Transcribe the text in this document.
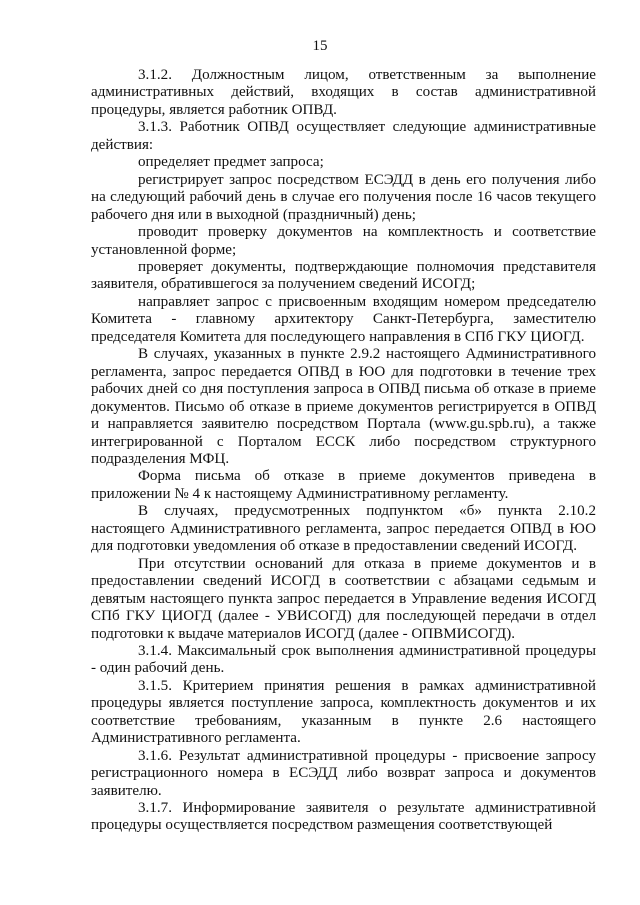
15

3.1.2. Должностным лицом, ответственным за выполнение административных действий, входящих в состав административной процедуры, является работник ОПВД.

3.1.3. Работник ОПВД осуществляет следующие административные действия:

определяет предмет запроса;

регистрирует запрос посредством ЕСЭДД в день его получения либо на следующий рабочий день в случае его получения после 16 часов текущего рабочего дня или в выходной (праздничный) день;

проводит проверку документов на комплектность и соответствие установленной форме;

проверяет документы, подтверждающие полномочия представителя заявителя, обратившегося за получением сведений ИСОГД;

направляет запрос с присвоенным входящим номером председателю Комитета - главному архитектору Санкт-Петербурга, заместителю председателя Комитета для последующего направления в СПб ГКУ ЦИОГД.

В случаях, указанных в пункте 2.9.2 настоящего Административного регламента, запрос передается ОПВД в ЮО для подготовки в течение трех рабочих дней со дня поступления запроса в ОПВД письма об отказе в приеме документов. Письмо об отказе в приеме документов регистрируется в ОПВД и направляется заявителю посредством Портала (www.gu.spb.ru), а также интегрированной с Порталом ЕССК либо посредством структурного подразделения МФЦ.

Форма письма об отказе в приеме документов приведена в приложении № 4 к настоящему Административному регламенту.

В случаях, предусмотренных подпунктом «б» пункта 2.10.2 настоящего Административного регламента, запрос передается ОПВД в ЮО для подготовки уведомления об отказе в предоставлении сведений ИСОГД.

При отсутствии оснований для отказа в приеме документов и в предоставлении сведений ИСОГД в соответствии с абзацами седьмым и девятым настоящего пункта запрос передается в Управление ведения ИСОГД СПб ГКУ ЦИОГД (далее - УВИСОГД) для последующей передачи в отдел подготовки к выдаче материалов ИСОГД (далее - ОПВМИСОГД).

3.1.4. Максимальный срок выполнения административной процедуры - один рабочий день.

3.1.5. Критерием принятия решения в рамках административной процедуры является поступление запроса, комплектность документов и их соответствие требованиям, указанным в пункте 2.6 настоящего Административного регламента.

3.1.6. Результат административной процедуры - присвоение запросу регистрационного номера в ЕСЭДД либо возврат запроса и документов заявителю.

3.1.7. Информирование заявителя о результате административной процедуры осуществляется посредством размещения соответствующей
